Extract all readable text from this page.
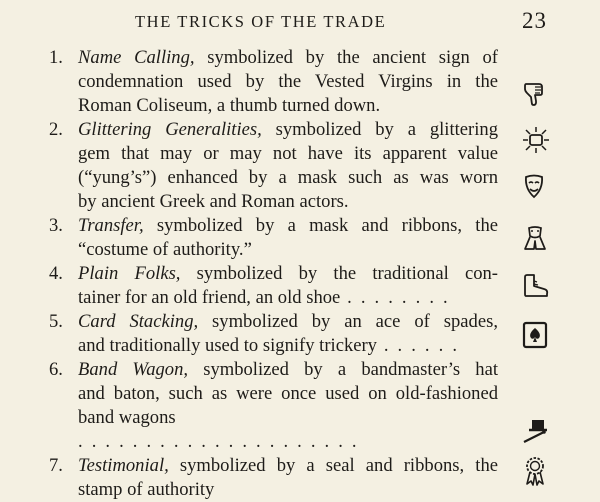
THE TRICKS OF THE TRADE	23
1. Name Calling, symbolized by the ancient sign of
condemnation used by the Vested Virgins in the
Roman Coliseum, a thumb turned down.
2. Glittering Generalities, symbolized by a glittering
gem that may or may not have its apparent value
(“yung’s”) enhanced by a mask such as was worn
by ancient Greek and Roman actors.
3. Transfer, symbolized by a mask and ribbons, the
“costume of authority.”
4. Plain Folks, symbolized by the traditional con-
tainer for an old friend, an old shoe . . . . . . . .
5. Card Stacking, symbolized by an ace of spades,
and traditionally used to signify trickery . . . . . .
6. Band Wagon, symbolized by a bandmaster’s hat
and baton, such as were once used on old-fashioned
band wagons
. . . . . . . . . . . . . . . . . . . . .
7. Testimonial, symbolized by a seal and ribbons, the
stamp of authority
